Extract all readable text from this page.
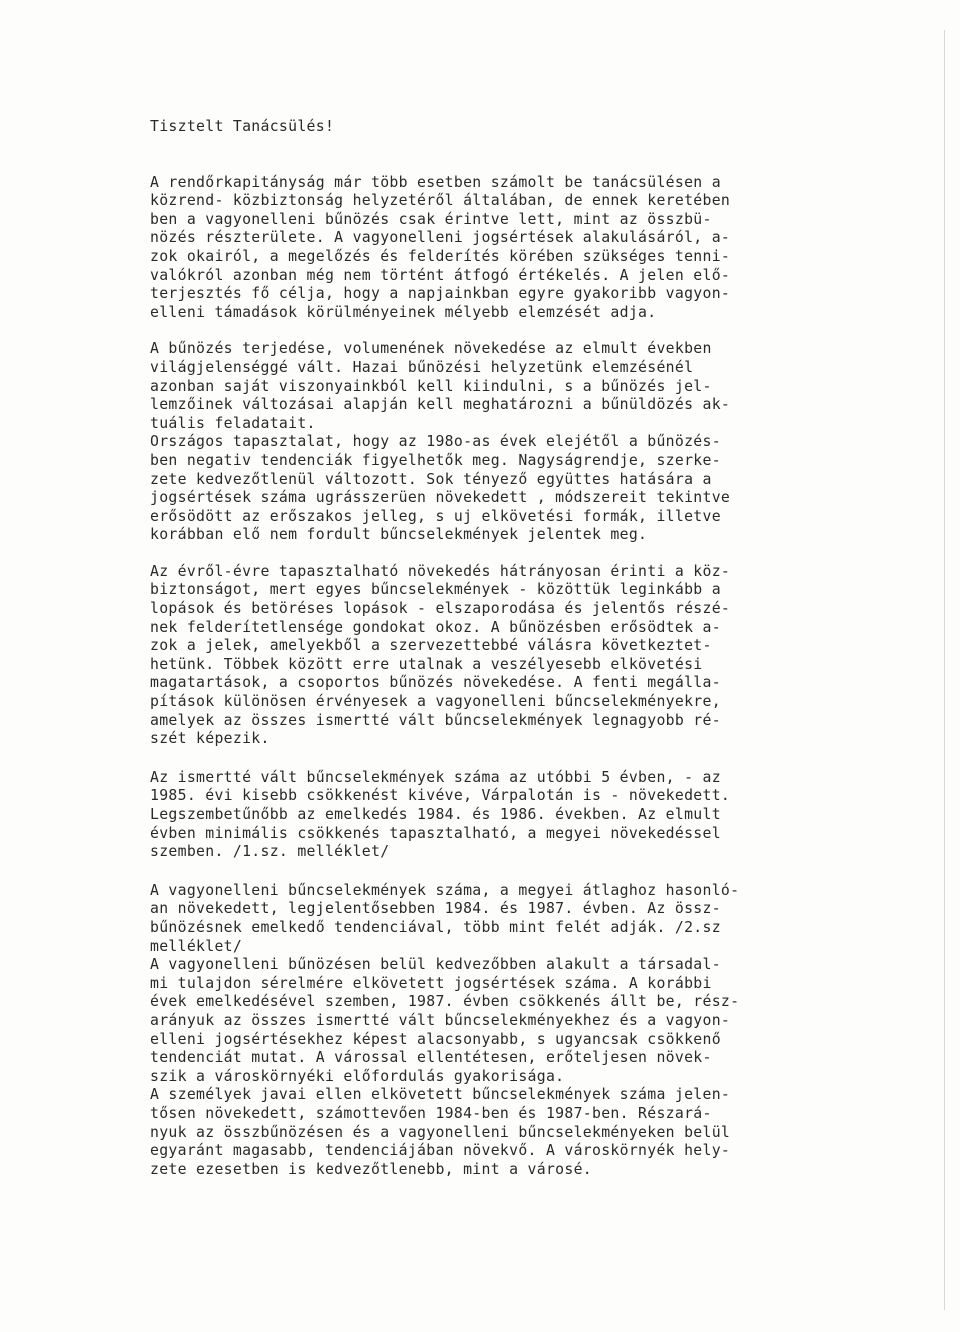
Tisztelt Tanácsülés!
A rendőrkapitányság már több esetben számolt be tanácsülésen a
közrend- közbiztonság helyzetéről általában, de ennek keretében
ben a vagyonelleni bűnözés csak érintve lett, mint az összbü-
nözés részterülete. A vagyonelleni jogsértések alakulásáról, a-
zok okairól, a megelőzés és felderítés körében szükséges tenni-
valókról azonban még nem történt átfogó értékelés. A jelen elő-
terjesztés fő célja, hogy a napjainkban egyre gyakoribb vagyon-
elleni támadások körülményeinek mélyebb elemzését adja.
A bűnözés terjedése, volumenének növekedése az elmult években
világjelenséggé vált. Hazai bűnözési helyzetünk elemzésénél
azonban saját viszonyainkból kell kiindulni, s a bűnözés jel-
lemzőinek változásai alapján kell meghatározni a bűnüldözés ak-
tuális feladatait.
Országos tapasztalat, hogy az 198o-as évek elejétől a bűnözés-
ben negativ tendenciák figyelhetők meg. Nagyságrendje, szerke-
zete kedvezőtlenül változott. Sok tényező együttes hatására a
jogsértések száma ugrásszerüen növekedett , módszereit tekintve
erősödött az erőszakos jelleg, s uj elkövetési formák, illetve
korábban elő nem fordult bűncselekmények jelentek meg.
Az évről-évre tapasztalható növekedés hátrányosan érinti a köz-
biztonságot, mert egyes bűncselekmények - közöttük leginkább a
lopások és betöréses lopások - elszaporodása és jelentős részé-
nek felderítetlensége gondokat okoz. A bűnözésben erősödtek a-
zok a jelek, amelyekből a szervezettebbé válásra következtet-
hetünk. Többek között erre utalnak a veszélyesebb elkövetési
magatartások, a csoportos bűnözés növekedése. A fenti megálla-
pítások különösen érvényesek a vagyonelleni bűncselekményekre,
amelyek az összes ismertté vált bűncselekmények legnagyobb ré-
szét képezik.
Az ismertté vált bűncselekmények száma az utóbbi 5 évben, - az
1985. évi kisebb csökkenést kivéve, Várpalotán is - növekedett.
Legszembetűnőbb az emelkedés 1984. és 1986. években. Az elmult
évben minimális csökkenés tapasztalható, a megyei növekedéssel
szemben. /1.sz. melléklet/
A vagyonelleni bűncselekmények száma, a megyei átlaghoz hasonló-
an növekedett, legjelentősebben 1984. és 1987. évben. Az össz-
bűnözésnek emelkedő tendenciával, több mint felét adják. /2.sz
melléklet/
A vagyonelleni bűnözésen belül kedvezőbben alakult a társadal-
mi tulajdon sérelmére elkövetett jogsértések száma. A korábbi
évek emelkedésével szemben, 1987. évben csökkenés állt be, rész-
arányuk az összes ismertté vált bűncselekményekhez és a vagyon-
elleni jogsértésekhez képest alacsonyabb, s ugyancsak csökkenő
tendenciát mutat. A várossal ellentétesen, erőteljesen növek-
szik a városkörnyéki előfordulás gyakorisága.
A személyek javai ellen elkövetett bűncselekmények száma jelen-
tősen növekedett, számottevően 1984-ben és 1987-ben. Részará-
nyuk az összbűnözésen és a vagyonelleni bűncselekményeken belül
egyaránt magasabb, tendenciájában növekvő. A városkörnyék hely-
zete ezesetben is kedvezőtlenebb, mint a városé.
